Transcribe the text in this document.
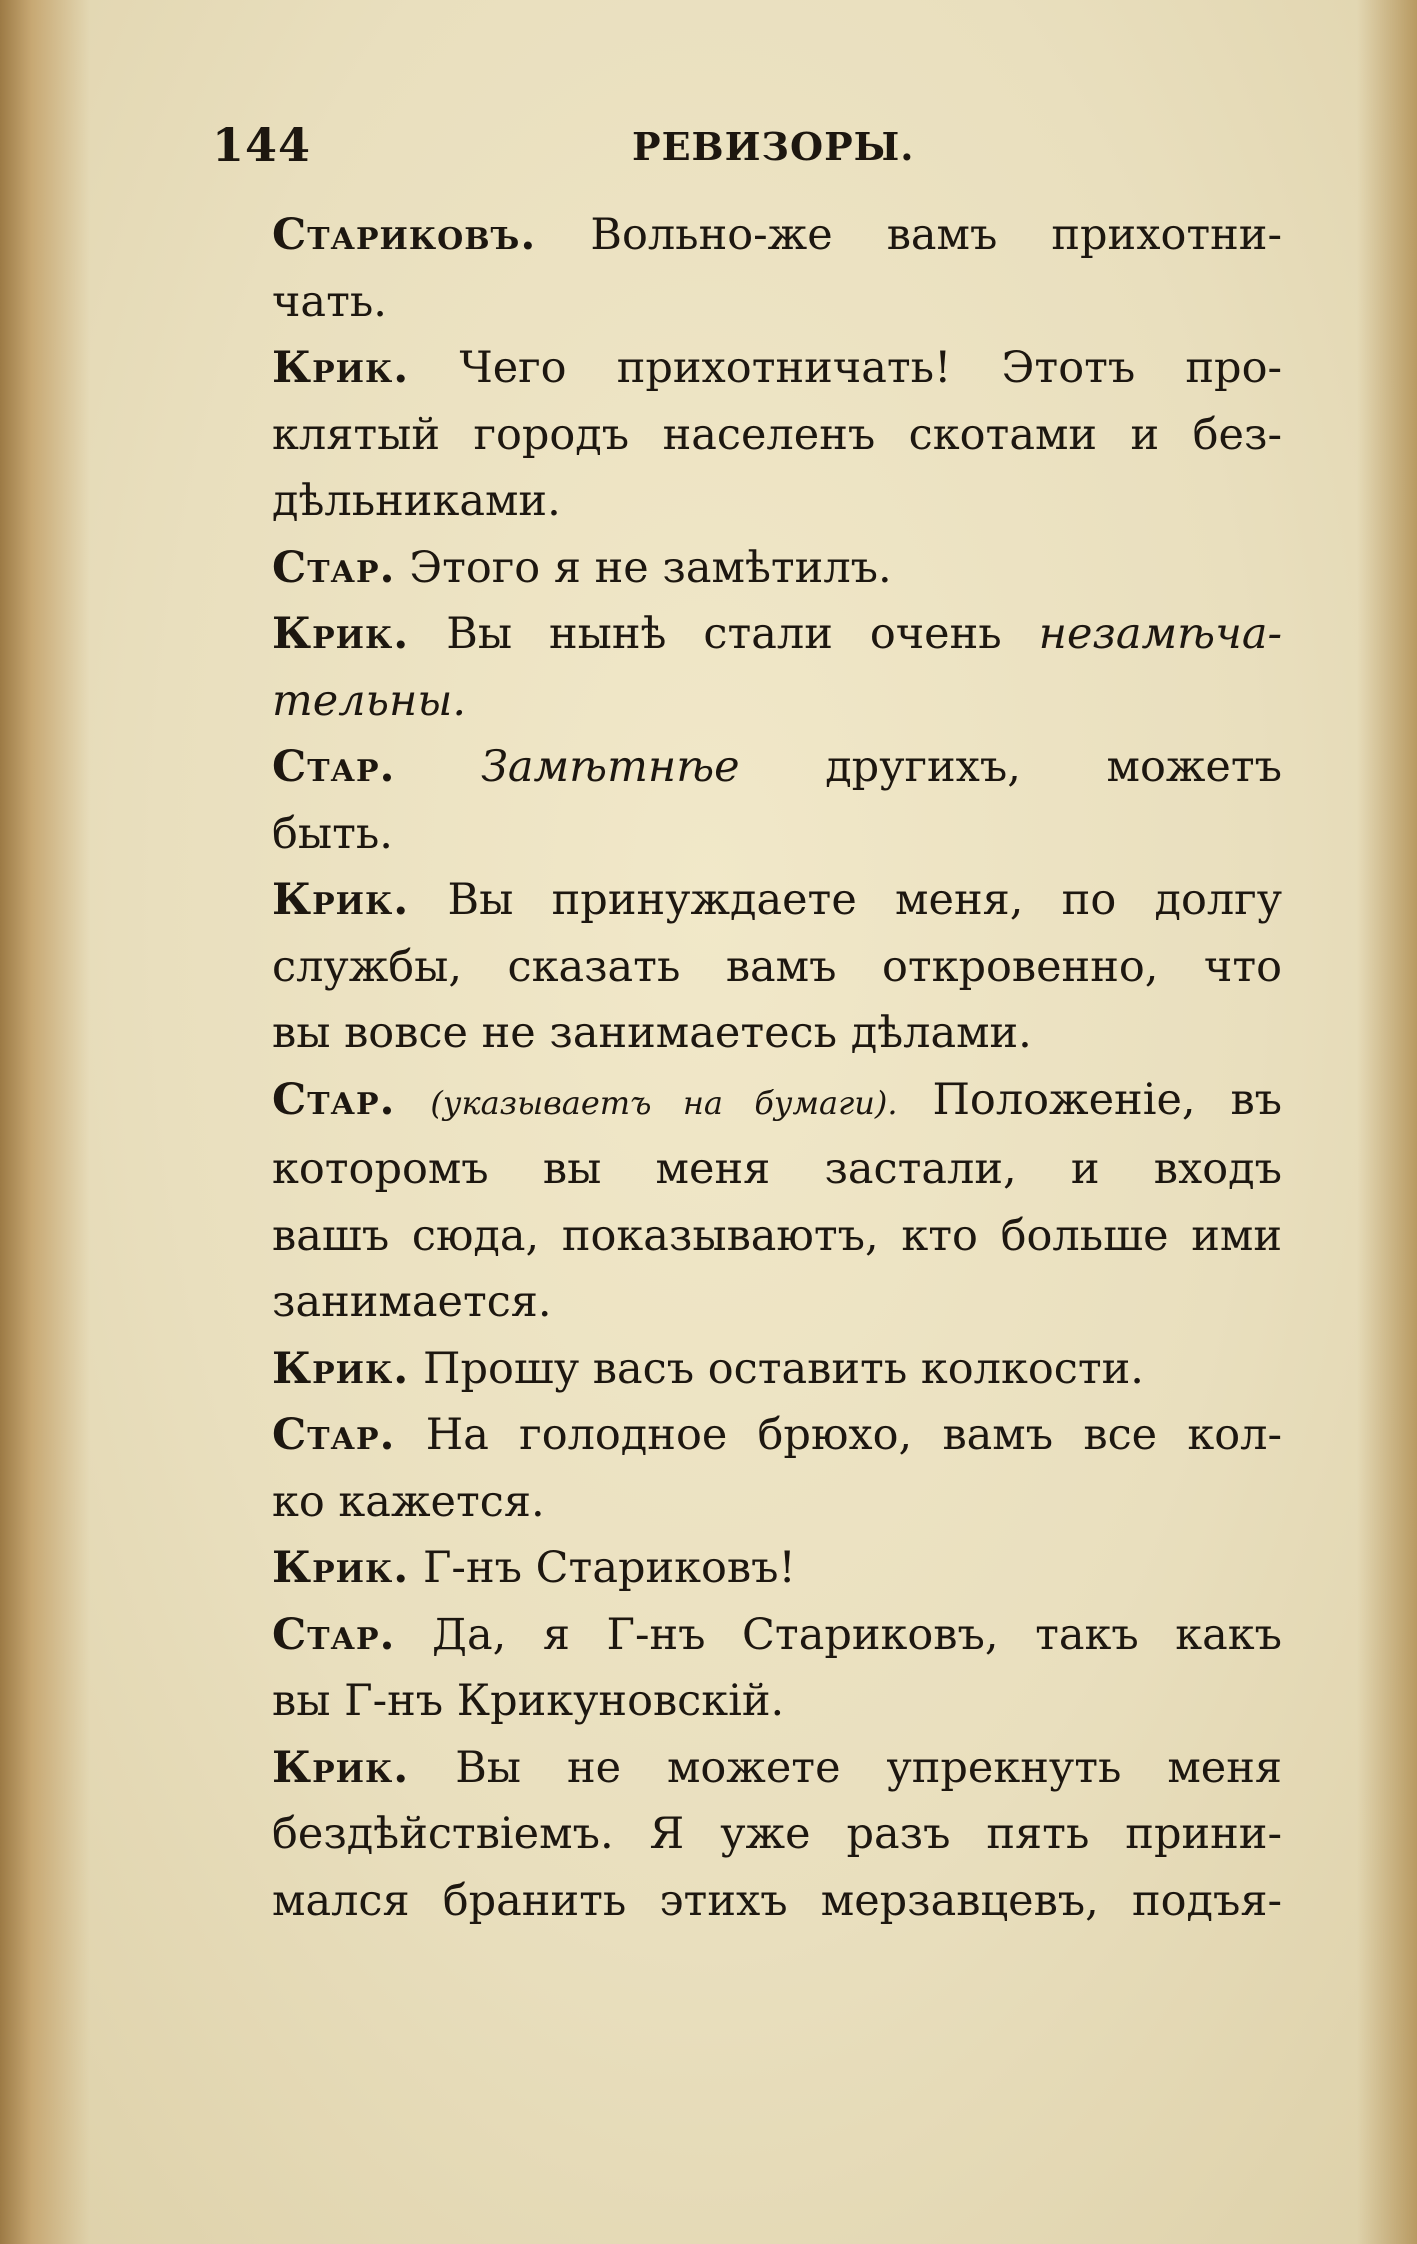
144	РЕВИЗОРЫ.
Стариковъ. Вольно-же вамъ прихотни-
чать.
Крик. Чего прихотничать! Этотъ про-
клятый городъ населенъ скотами и без-
дѣльниками.
Стар. Этого я не замѣтилъ.
Крик. Вы нынѣ стали очень незамѣча-
тельны.
Стар. Замѣтнѣе другихъ, можетъ
быть.
Крик. Вы принуждаете меня, по долгу
службы, сказать вамъ откровенно, что
вы вовсе не занимаетесь дѣлами.
Стар. (указываетъ на бумаги). Положеніе, въ
которомъ вы меня застали, и входъ
вашъ сюда, показываютъ, кто больше ими
занимается.
Крик. Прошу васъ оставить колкости.
Стар. На голодное брюхо, вамъ все кол-
ко кажется.
Крик. Г-нъ Стариковъ!
Стар. Да, я Г-нъ Стариковъ, такъ какъ
вы Г-нъ Крикуновскій.
Крик. Вы не можете упрекнуть меня
бездѣйствіемъ. Я уже разъ пять прини-
мался бранить этихъ мерзавцевъ, подъя-
